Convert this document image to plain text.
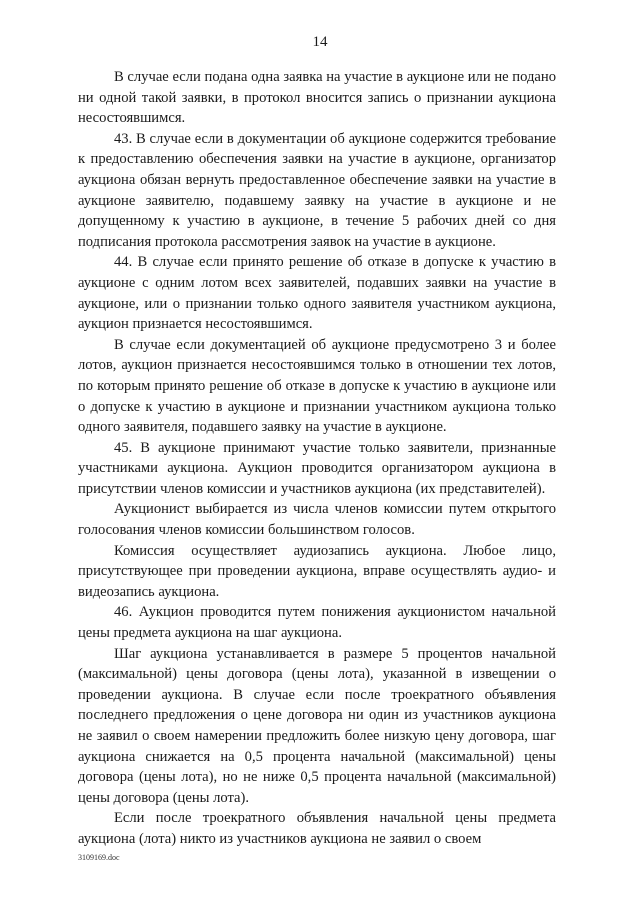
14

В случае если подана одна заявка на участие в аукционе или не подано ни одной такой заявки, в протокол вносится запись о признании аукциона несостоявшимся.

43. В случае если в документации об аукционе содержится требование к предоставлению обеспечения заявки на участие в аукционе, организатор аукциона обязан вернуть предоставленное обеспечение заявки на участие в аукционе заявителю, подавшему заявку на участие в аукционе и не допущенному к участию в аукционе, в течение 5 рабочих дней со дня подписания протокола рассмотрения заявок на участие в аукционе.

44. В случае если принято решение об отказе в допуске к участию в аукционе с одним лотом всех заявителей, подавших заявки на участие в аукционе, или о признании только одного заявителя участником аукциона, аукцион признается несостоявшимся.

В случае если документацией об аукционе предусмотрено 3 и более лотов, аукцион признается несостоявшимся только в отношении тех лотов, по которым принято решение об отказе в допуске к участию в аукционе или о допуске к участию в аукционе и признании участником аукциона только одного заявителя, подавшего заявку на участие в аукционе.

45. В аукционе принимают участие только заявители, признанные участниками аукциона. Аукцион проводится организатором аукциона в присутствии членов комиссии и участников аукциона (их представителей).

Аукционист выбирается из числа членов комиссии путем открытого голосования членов комиссии большинством голосов.

Комиссия осуществляет аудиозапись аукциона. Любое лицо, присутствующее при проведении аукциона, вправе осуществлять аудио- и видеозапись аукциона.

46. Аукцион проводится путем понижения аукционистом начальной цены предмета аукциона на шаг аукциона.

Шаг аукциона устанавливается в размере 5 процентов начальной (максимальной) цены договора (цены лота), указанной в извещении о проведении аукциона. В случае если после троекратного объявления последнего предложения о цене договора ни один из участников аукциона не заявил о своем намерении предложить более низкую цену договора, шаг аукциона снижается на 0,5 процента начальной (максимальной) цены договора (цены лота), но не ниже 0,5 процента начальной (максимальной) цены договора (цены лота).

Если после троекратного объявления начальной цены предмета аукциона (лота) никто из участников аукциона не заявил о своем

3109169.doc
